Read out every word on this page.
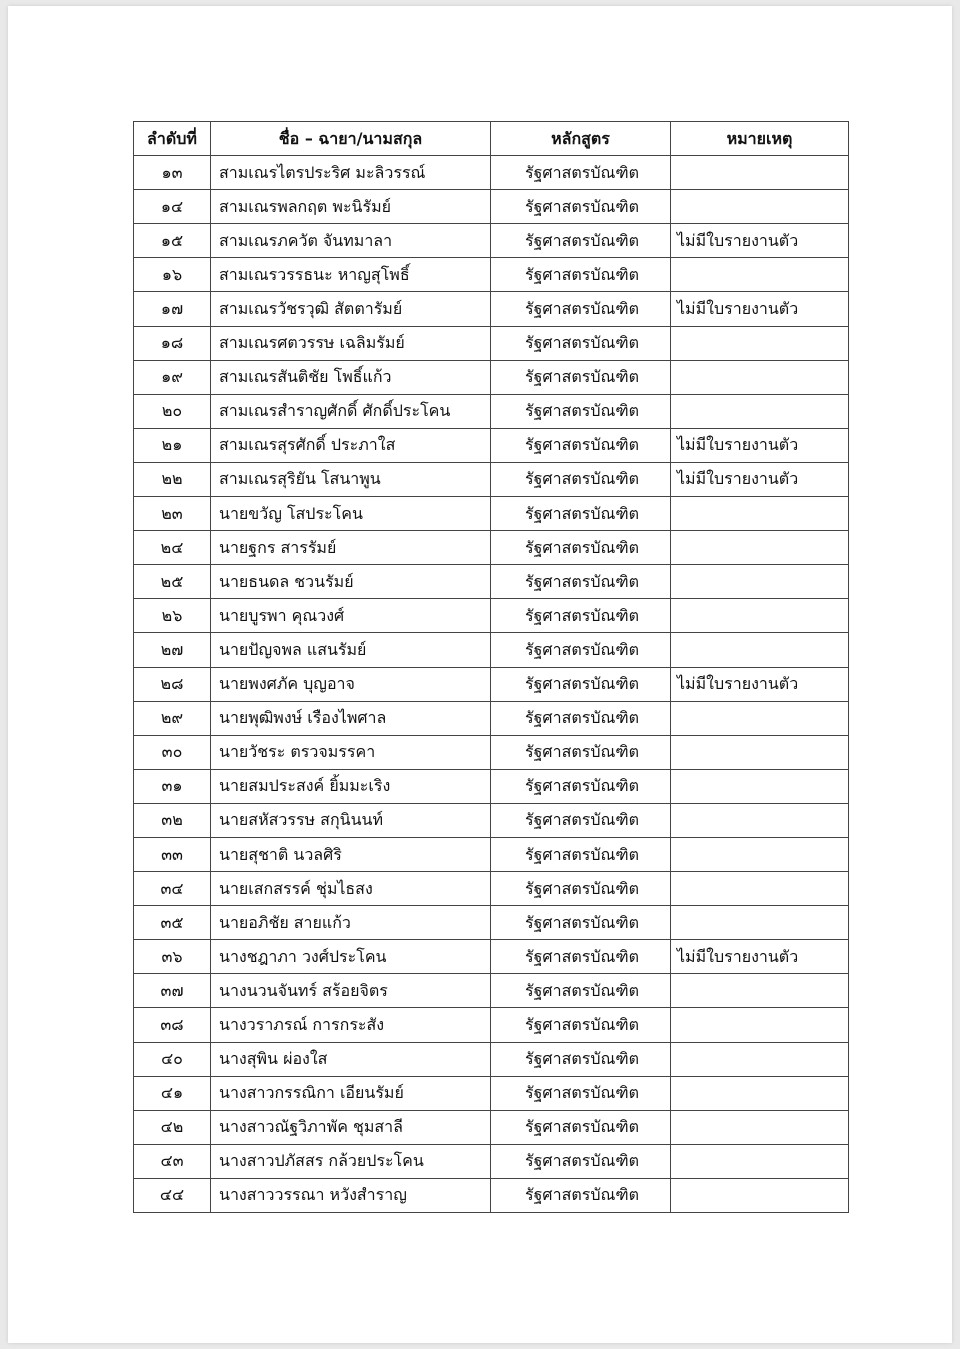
ลำดับที่	ชื่อ – ฉายา/นามสกุล	หลักสูตร	หมายเหตุ
๑๓	สามเณรไตรประริศ มะลิวรรณ์	รัฐศาสตรบัณฑิต	
๑๔	สามเณรพลกฤต พะนิรัมย์	รัฐศาสตรบัณฑิต	
๑๕	สามเณรภควัต จันทมาลา	รัฐศาสตรบัณฑิต	ไม่มีใบรายงานตัว
๑๖	สามเณรวรรธนะ หาญสุโพธิ์	รัฐศาสตรบัณฑิต	
๑๗	สามเณรวัชรวุฒิ สัตตารัมย์	รัฐศาสตรบัณฑิต	ไม่มีใบรายงานตัว
๑๘	สามเณรศตวรรษ เฉลิมรัมย์	รัฐศาสตรบัณฑิต	
๑๙	สามเณรสันติชัย โพธิ์แก้ว	รัฐศาสตรบัณฑิต	
๒๐	สามเณรสำราญศักดิ์ ศักดิ์ประโคน	รัฐศาสตรบัณฑิต	
๒๑	สามเณรสุรศักดิ์ ประภาใส	รัฐศาสตรบัณฑิต	ไม่มีใบรายงานตัว
๒๒	สามเณรสุริยัน โสนาพูน	รัฐศาสตรบัณฑิต	ไม่มีใบรายงานตัว
๒๓	นายขวัญ โสประโคน	รัฐศาสตรบัณฑิต	
๒๔	นายฐกร สารรัมย์	รัฐศาสตรบัณฑิต	
๒๕	นายธนดล ชวนรัมย์	รัฐศาสตรบัณฑิต	
๒๖	นายบูรพา คุณวงศ์	รัฐศาสตรบัณฑิต	
๒๗	นายปัญจพล แสนรัมย์	รัฐศาสตรบัณฑิต	
๒๘	นายพงศภัค บุญอาจ	รัฐศาสตรบัณฑิต	ไม่มีใบรายงานตัว
๒๙	นายพุฒิพงษ์ เรืองไพศาล	รัฐศาสตรบัณฑิต	
๓๐	นายวัชระ ตรวจมรรคา	รัฐศาสตรบัณฑิต	
๓๑	นายสมประสงค์ ยิ้มมะเริง	รัฐศาสตรบัณฑิต	
๓๒	นายสหัสวรรษ สกุนินนท์	รัฐศาสตรบัณฑิต	
๓๓	นายสุชาติ นวลศิริ	รัฐศาสตรบัณฑิต	
๓๔	นายเสกสรรค์ ชุ่มไธสง	รัฐศาสตรบัณฑิต	
๓๕	นายอภิชัย สายแก้ว	รัฐศาสตรบัณฑิต	
๓๖	นางชฎาภา วงศ์ประโคน	รัฐศาสตรบัณฑิต	ไม่มีใบรายงานตัว
๓๗	นางนวนจันทร์ สร้อยจิตร	รัฐศาสตรบัณฑิต	
๓๘	นางวราภรณ์ การกระสัง	รัฐศาสตรบัณฑิต	
๔๐	นางสุพิน ผ่องใส	รัฐศาสตรบัณฑิต	
๔๑	นางสาวกรรณิกา เอียนรัมย์	รัฐศาสตรบัณฑิต	
๔๒	นางสาวณัฐวิภาพัค ชุมสาลี	รัฐศาสตรบัณฑิต	
๔๓	นางสาวปภัสสร กล้วยประโคน	รัฐศาสตรบัณฑิต	
๔๔	นางสาววรรณา หวังสำราญ	รัฐศาสตรบัณฑิต	
